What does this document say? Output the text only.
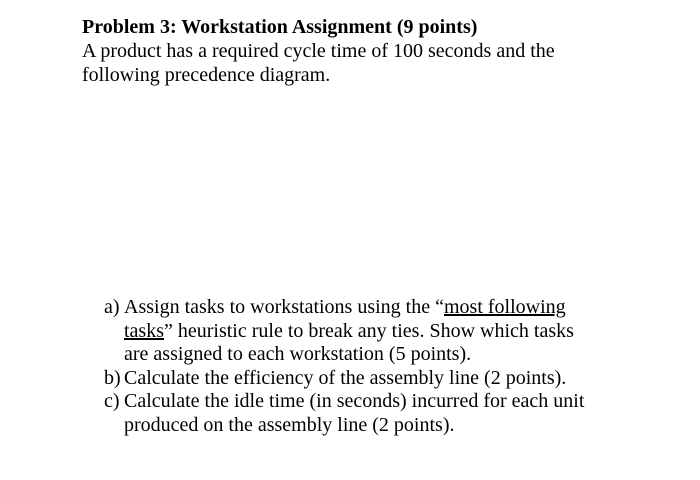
Problem 3: Workstation Assignment (9 points)

A product has a required cycle time of 100 seconds and the
following precedence diagram.

a) Assign tasks to workstations using the “most following
tasks” heuristic rule to break any ties. Show which tasks
are assigned to each workstation (5 points).
b) Calculate the efficiency of the assembly line (2 points).
c) Calculate the idle time (in seconds) incurred for each unit
produced on the assembly line (2 points).
